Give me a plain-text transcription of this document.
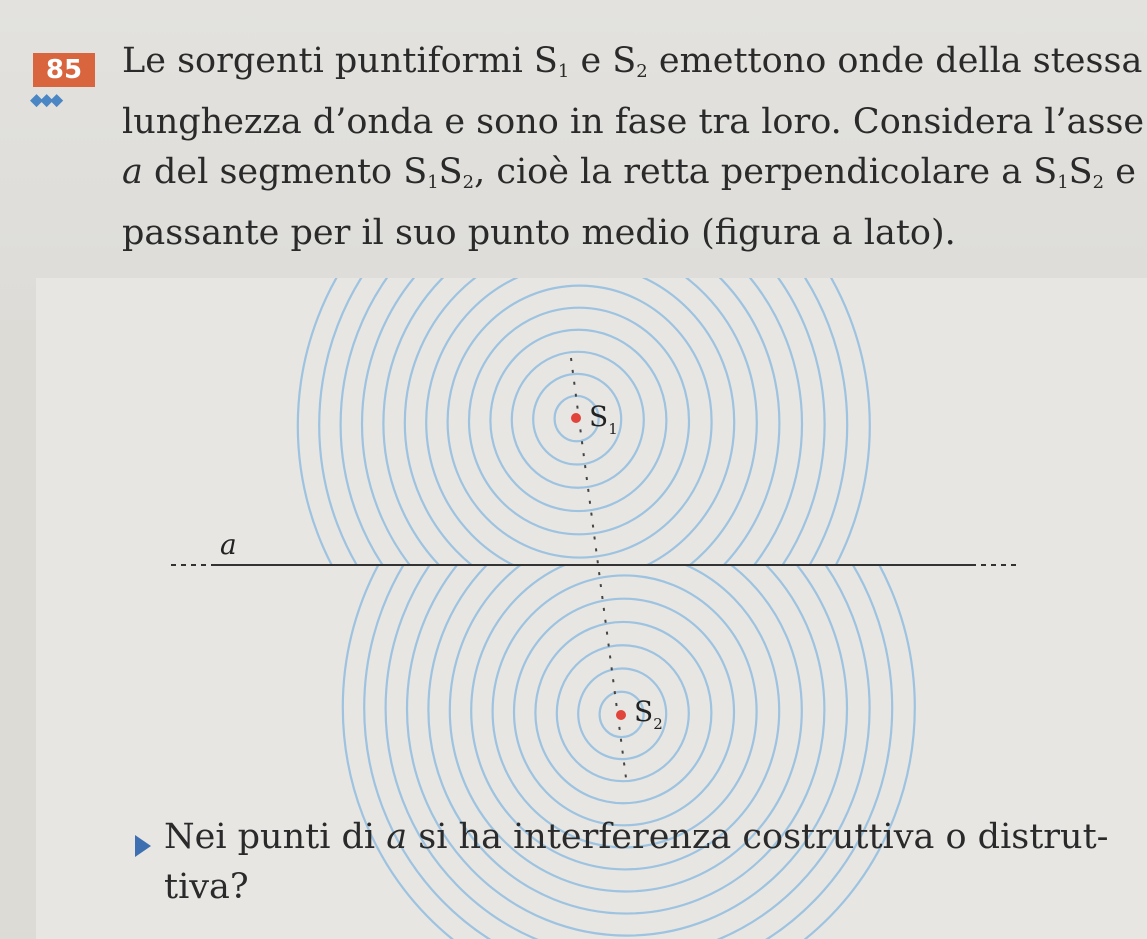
85
◆◆◆
Le sorgenti puntiformi $S_1$ e $S_2$ emettono onde della stessa
lunghezza d’onda e sono in fase tra loro. Considera l’asse
a del segmento $S_1S_2$, cioè la retta perpendicolare a $S_1S_2$ e
passante per il suo punto medio (figura a lato).
a
$S_1$
$S_2$
Nei punti di a si ha interferenza costruttiva o distrut-
tiva?
